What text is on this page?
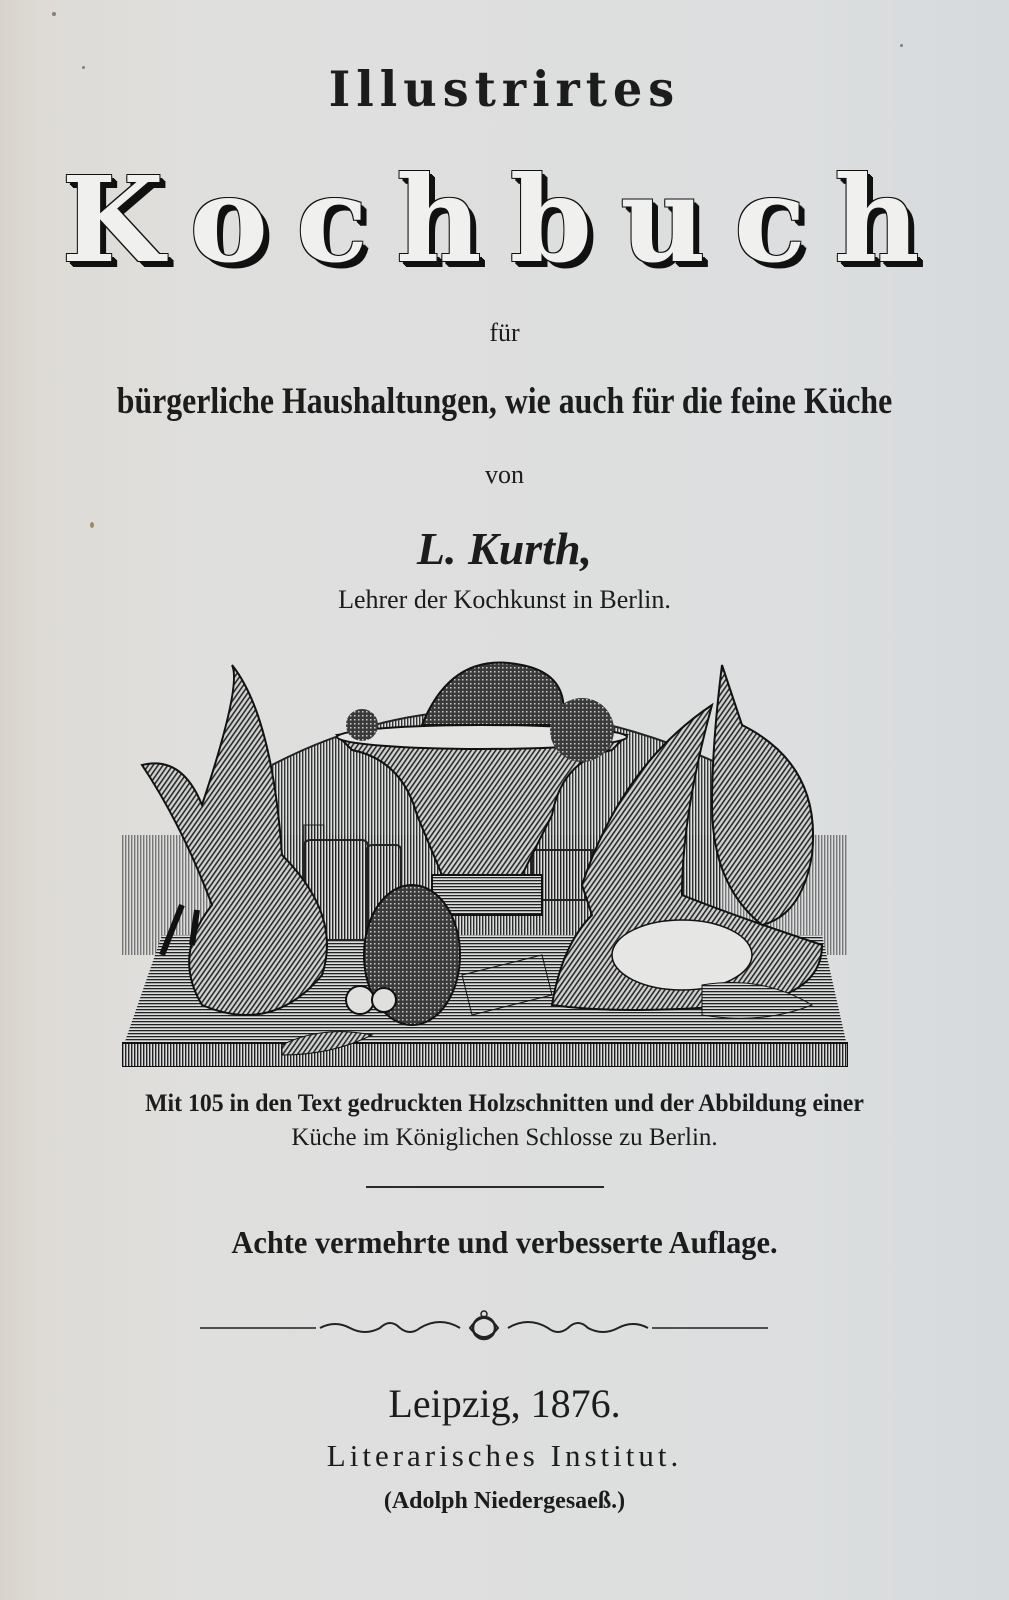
Illustrirtes
Kochbuch
für
bürgerliche Haushaltungen, wie auch für die feine Küche
von
L. Kurth,
Lehrer der Kochkunst in Berlin.
Mit 105 in den Text gedruckten Holzschnitten und der Abbildung einer
Küche im Königlichen Schlosse zu Berlin.
Achte vermehrte und verbesserte Auflage.
Leipzig, 1876.
Literarisches Institut.
(Adolph Niedergesaeß.)
